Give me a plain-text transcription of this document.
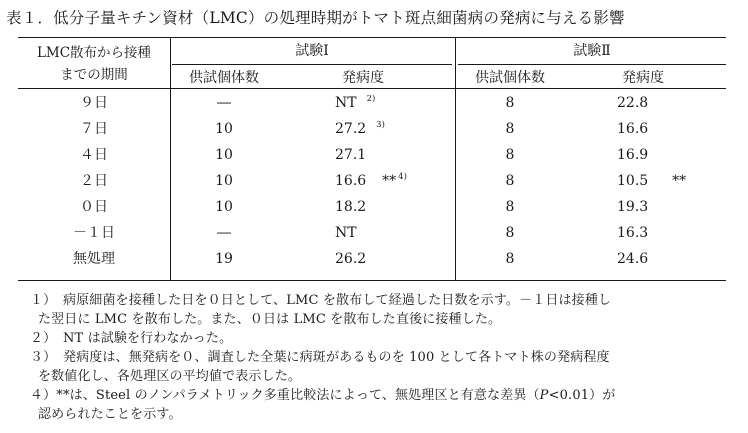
表１．低分子量キチン資材（LMC）の処理時期がトマト斑点細菌病の発病に与える影響
LMC散布から接種
までの期間
試験Ⅰ	試験Ⅱ
供試個体数	発病度	供試個体数	発病度
９日	―	NT $^{2)}$	8	22.8
７日	10	27.2 $^{3)}$	8	16.6
４日	10	27.1	8	16.9
２日	10	16.6 ** $^{4)}$	8	10.5 **
０日	10	18.2	8	19.3
－１日	―	NT	8	16.3
無処理	19	26.2	8	24.6
１）　病原細菌を接種した日を０日として、LMC を散布して経過した日数を示す。－１日は接種し
た翌日に LMC を散布した。また、０日は LMC を散布した直後に接種した。
２）　NT は試験を行わなかった。
３）　発病度は、無発病を０、調査した全葉に病斑があるものを 100 として各トマト株の発病程度
を数値化し、各処理区の平均値で表示した。
４）**は、Steel のノンパラメトリック多重比較法によって、無処理区と有意な差異（P<0.01）が
認められたことを示す。
